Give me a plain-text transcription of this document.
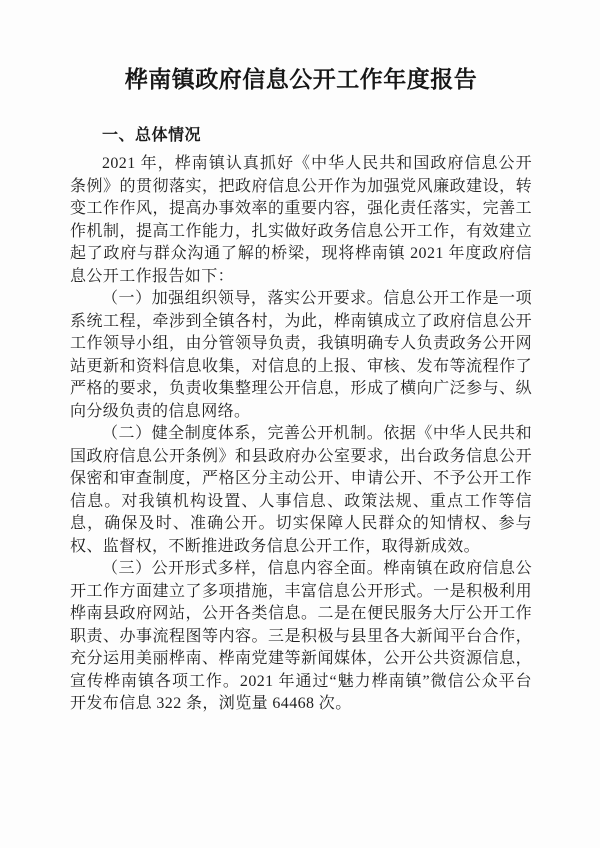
桦南镇政府信息公开工作年度报告
一、总体情况

2021 年，桦南镇认真抓好《中华人民共和国政府信息公开条例》的贯彻落实，把政府信息公开作为加强党风廉政建设，转变工作作风，提高办事效率的重要内容，强化责任落实，完善工作机制，提高工作能力，扎实做好政务信息公开工作，有效建立起了政府与群众沟通了解的桥梁，现将桦南镇 2021 年度政府信息公开工作报告如下：

（一）加强组织领导，落实公开要求。信息公开工作是一项系统工程，牵涉到全镇各村，为此，桦南镇成立了政府信息公开工作领导小组，由分管领导负责，我镇明确专人负责政务公开网站更新和资料信息收集，对信息的上报、审核、发布等流程作了严格的要求，负责收集整理公开信息，形成了横向广泛参与、纵向分级负责的信息网络。

（二）健全制度体系，完善公开机制。依据《中华人民共和国政府信息公开条例》和县政府办公室要求，出台政务信息公开保密和审查制度，严格区分主动公开、申请公开、不予公开工作信息。对我镇机构设置、人事信息、政策法规、重点工作等信息，确保及时、准确公开。切实保障人民群众的知情权、参与权、监督权，不断推进政务信息公开工作，取得新成效。

（三）公开形式多样，信息内容全面。桦南镇在政府信息公开工作方面建立了多项措施，丰富信息公开形式。一是积极利用桦南县政府网站，公开各类信息。二是在便民服务大厅公开工作职责、办事流程图等内容。三是积极与县里各大新闻平台合作，充分运用美丽桦南、桦南党建等新闻媒体，公开公共资源信息，宣传桦南镇各项工作。2021 年通过“魅力桦南镇”微信公众平台开发布信息 322 条，浏览量 64468 次。
